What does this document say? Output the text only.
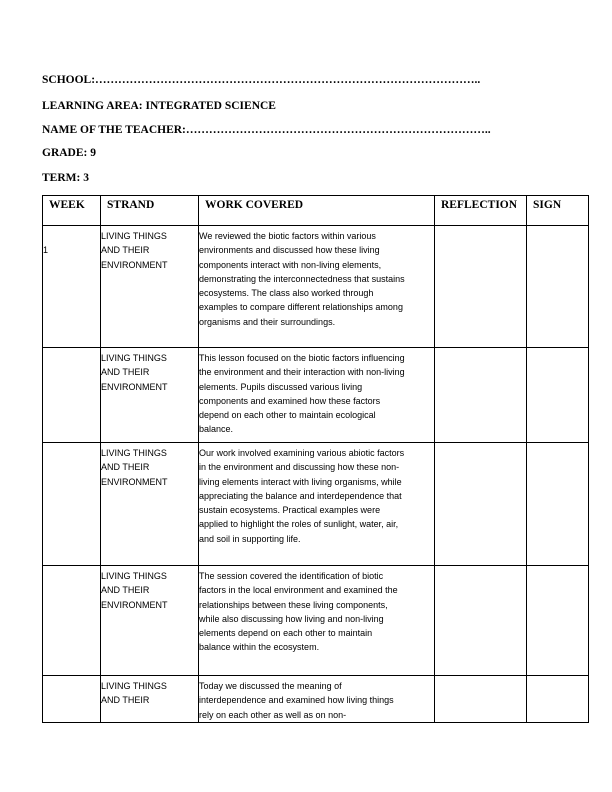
SCHOOL:………………………………………………………………………………………..
LEARNING AREA: INTEGRATED SCIENCE
NAME OF THE TEACHER:……………………………………………………………………..
GRADE: 9
TERM: 3
WEEK	STRAND	WORK COVERED	REFLECTION	SIGN

1	LIVING THINGS AND THEIR ENVIRONMENT	We reviewed the biotic factors within various environments and discussed how these living components interact with non-living elements, demonstrating the interconnectedness that sustains ecosystems. The class also worked through examples to compare different relationships among organisms and their surroundings.		

	LIVING THINGS AND THEIR ENVIRONMENT	This lesson focused on the biotic factors influencing the environment and their interaction with non-living elements. Pupils discussed various living components and examined how these factors depend on each other to maintain ecological balance.		

	LIVING THINGS AND THEIR ENVIRONMENT	Our work involved examining various abiotic factors in the environment and discussing how these non-living elements interact with living organisms, while appreciating the balance and interdependence that sustain ecosystems. Practical examples were applied to highlight the roles of sunlight, water, air, and soil in supporting life.		

	LIVING THINGS AND THEIR ENVIRONMENT	The session covered the identification of biotic factors in the local environment and examined the relationships between these living components, while also discussing how living and non-living elements depend on each other to maintain balance within the ecosystem.		

	LIVING THINGS AND THEIR	Today we discussed the meaning of interdependence and examined how living things rely on each other as well as on non-		
